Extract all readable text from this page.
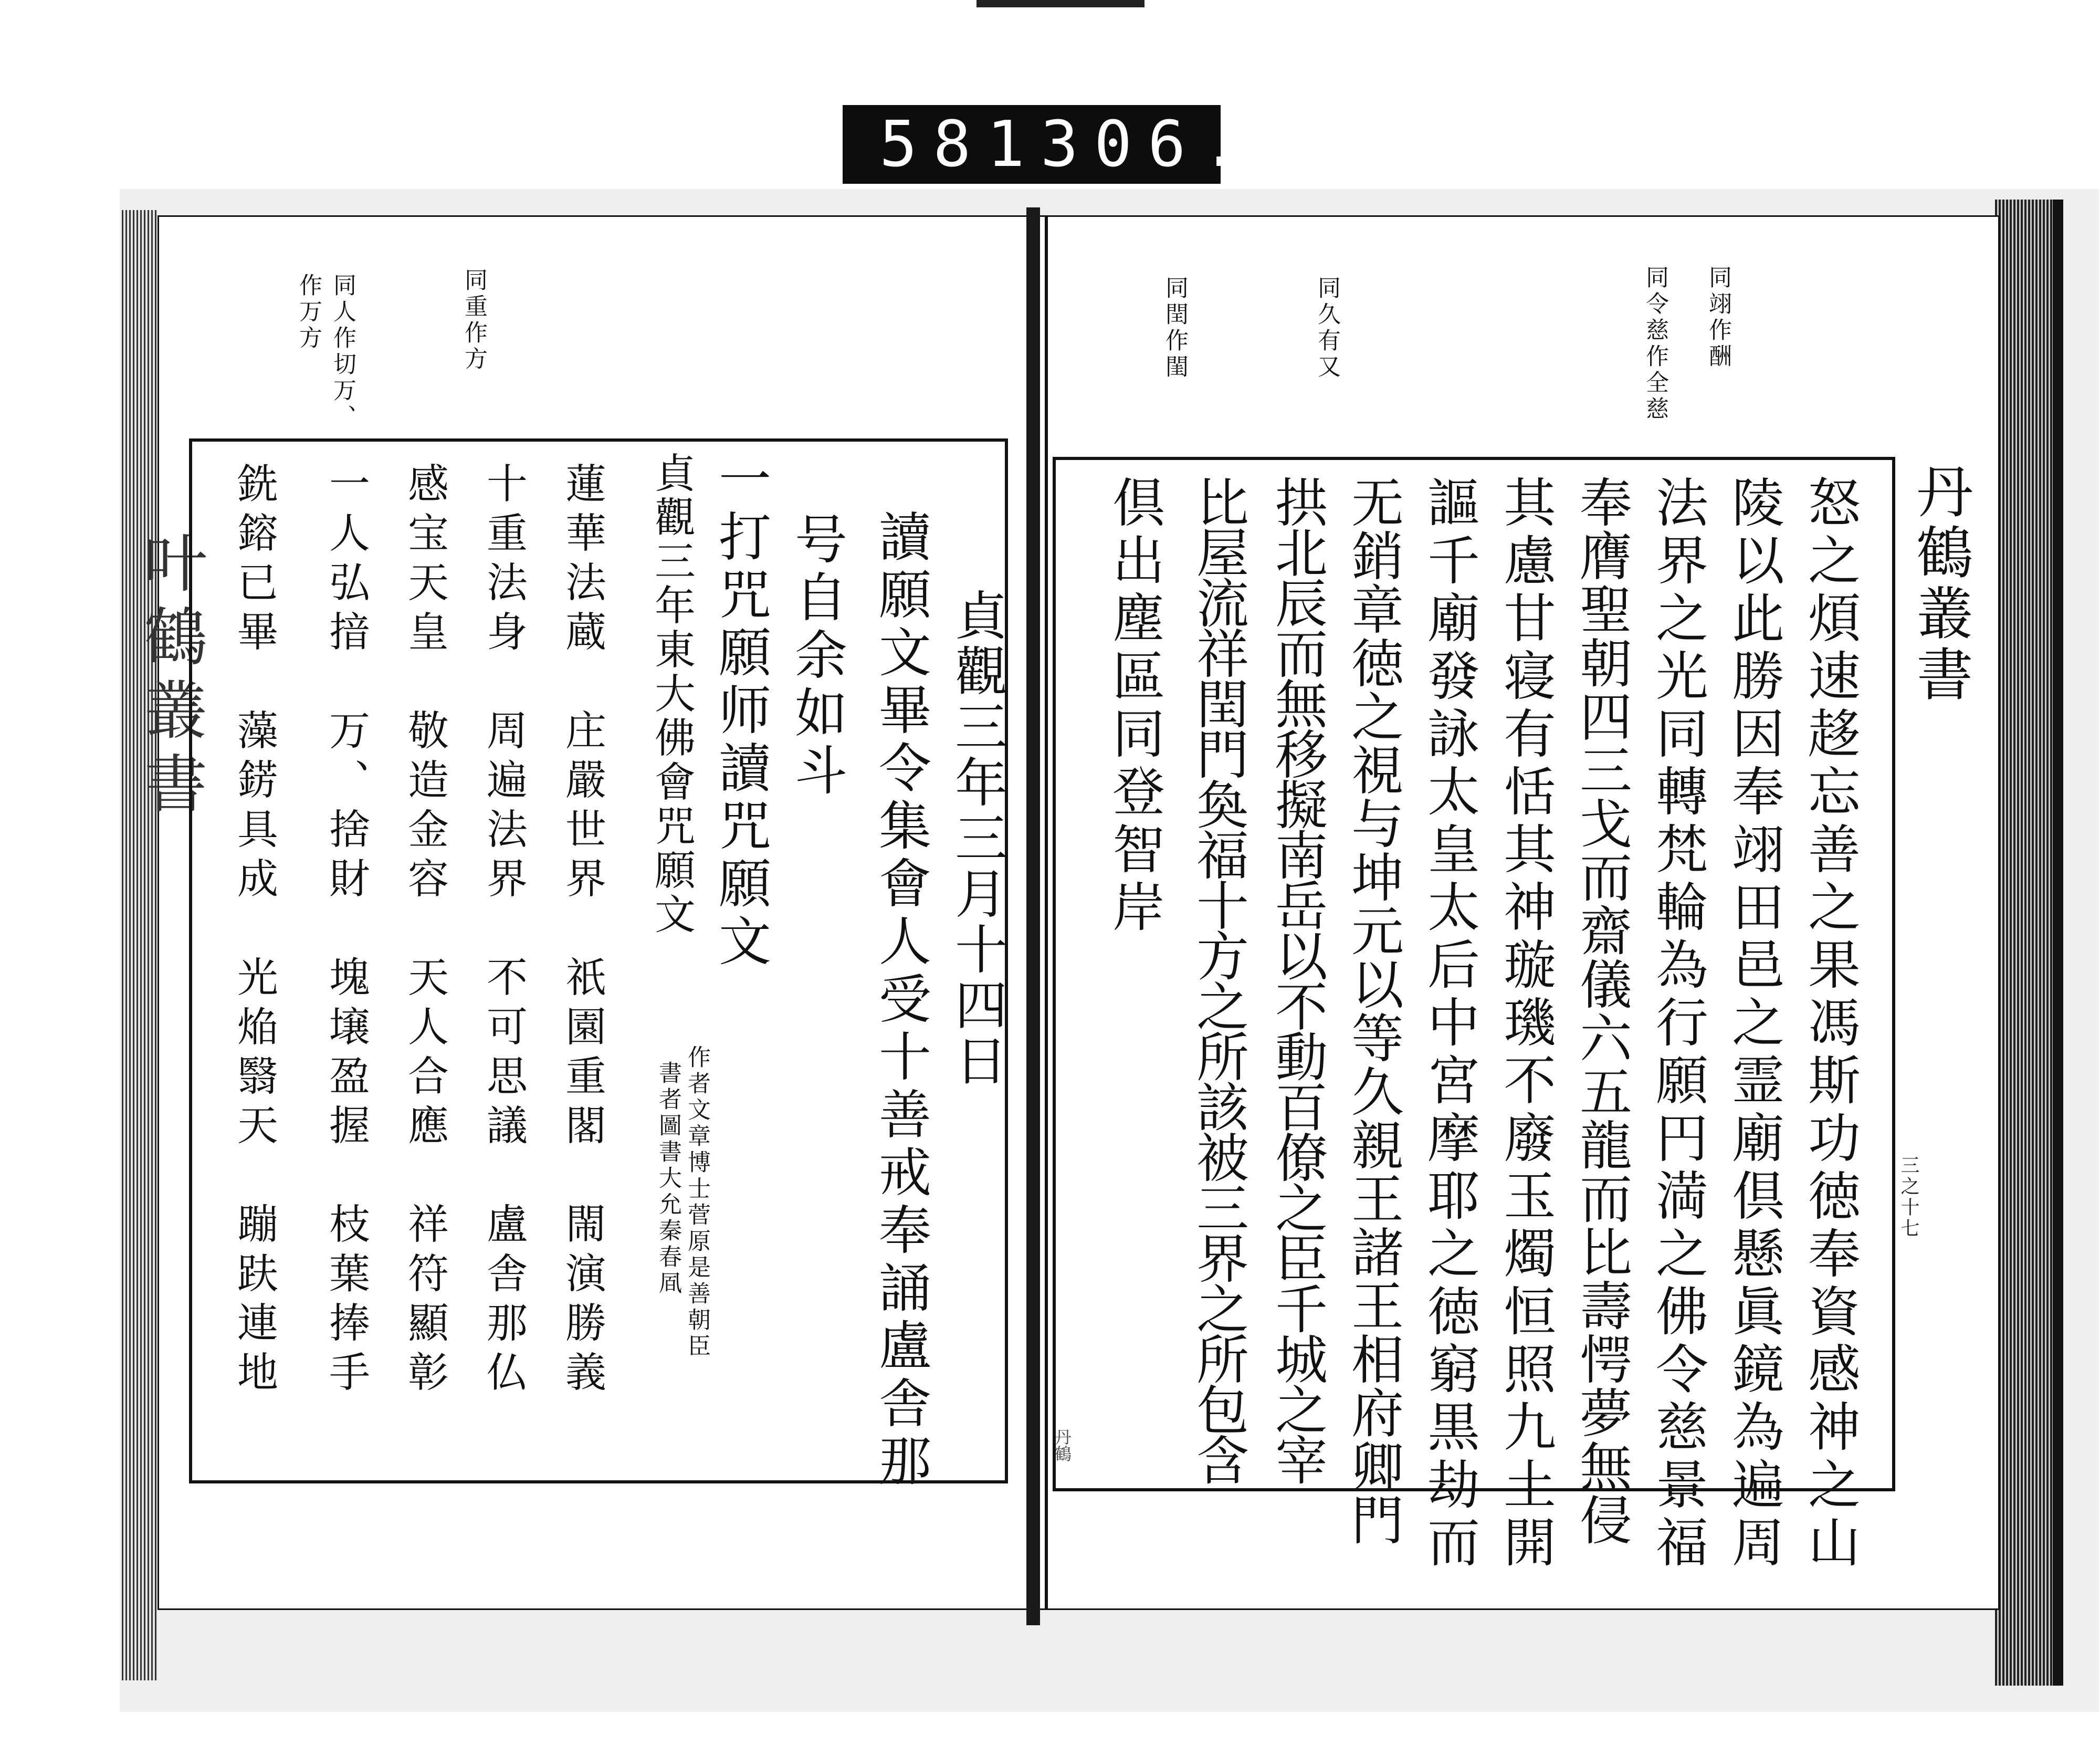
581 306.
叶鶴叢書	丹鶴叢書
三之十七
丹鶴
同重作方
同人作切万、
作万方	同翊作酬
同令慈作全慈
同久有又
同閏作閨
怒之煩速趍忘善之果馮斯功徳奉資感神之山
陵以此勝因奉翊田邑之霊廟倶懸眞鏡為遍周
法界之光同轉梵輪為行願円満之佛令慈景福
奉膺聖朝四三戈而齋儀六五龍而比壽愕夢無侵
其慮甘寝有恬其神璇璣不廢玉燭恒照九土開
謳千廟發詠太皇太后中宮摩耶之徳窮黒劫而
无銷章徳之視与坤元以等久親王諸王相府卿門
拱北辰而無移擬南岳以不動百僚之臣千城之宰
比屋流祥閏門奐福十方之所該被三界之所包含
倶出塵區同登智岸
讀願文畢令集會人受十善戒奉誦盧舎那
号自余如斗 貞觀三年三月十四日
一打咒願师讀咒願文
貞觀三年東大佛會咒願文
作者文章博士菅原是善朝臣
書者圖書大允秦春凮
蓮華法蔵　庄嚴世界　祇園重閣　閙演勝義
十重法身　周遍法界　不可思議　盧舎那仏
感宝天皇　敬造金容　天人合應　祥符顯彰
一人弘揞　万、捨財　塊壌盈握　枝葉捧手
銑鎔已畢　藻錺具成　光焔翳天　蹦趺連地
